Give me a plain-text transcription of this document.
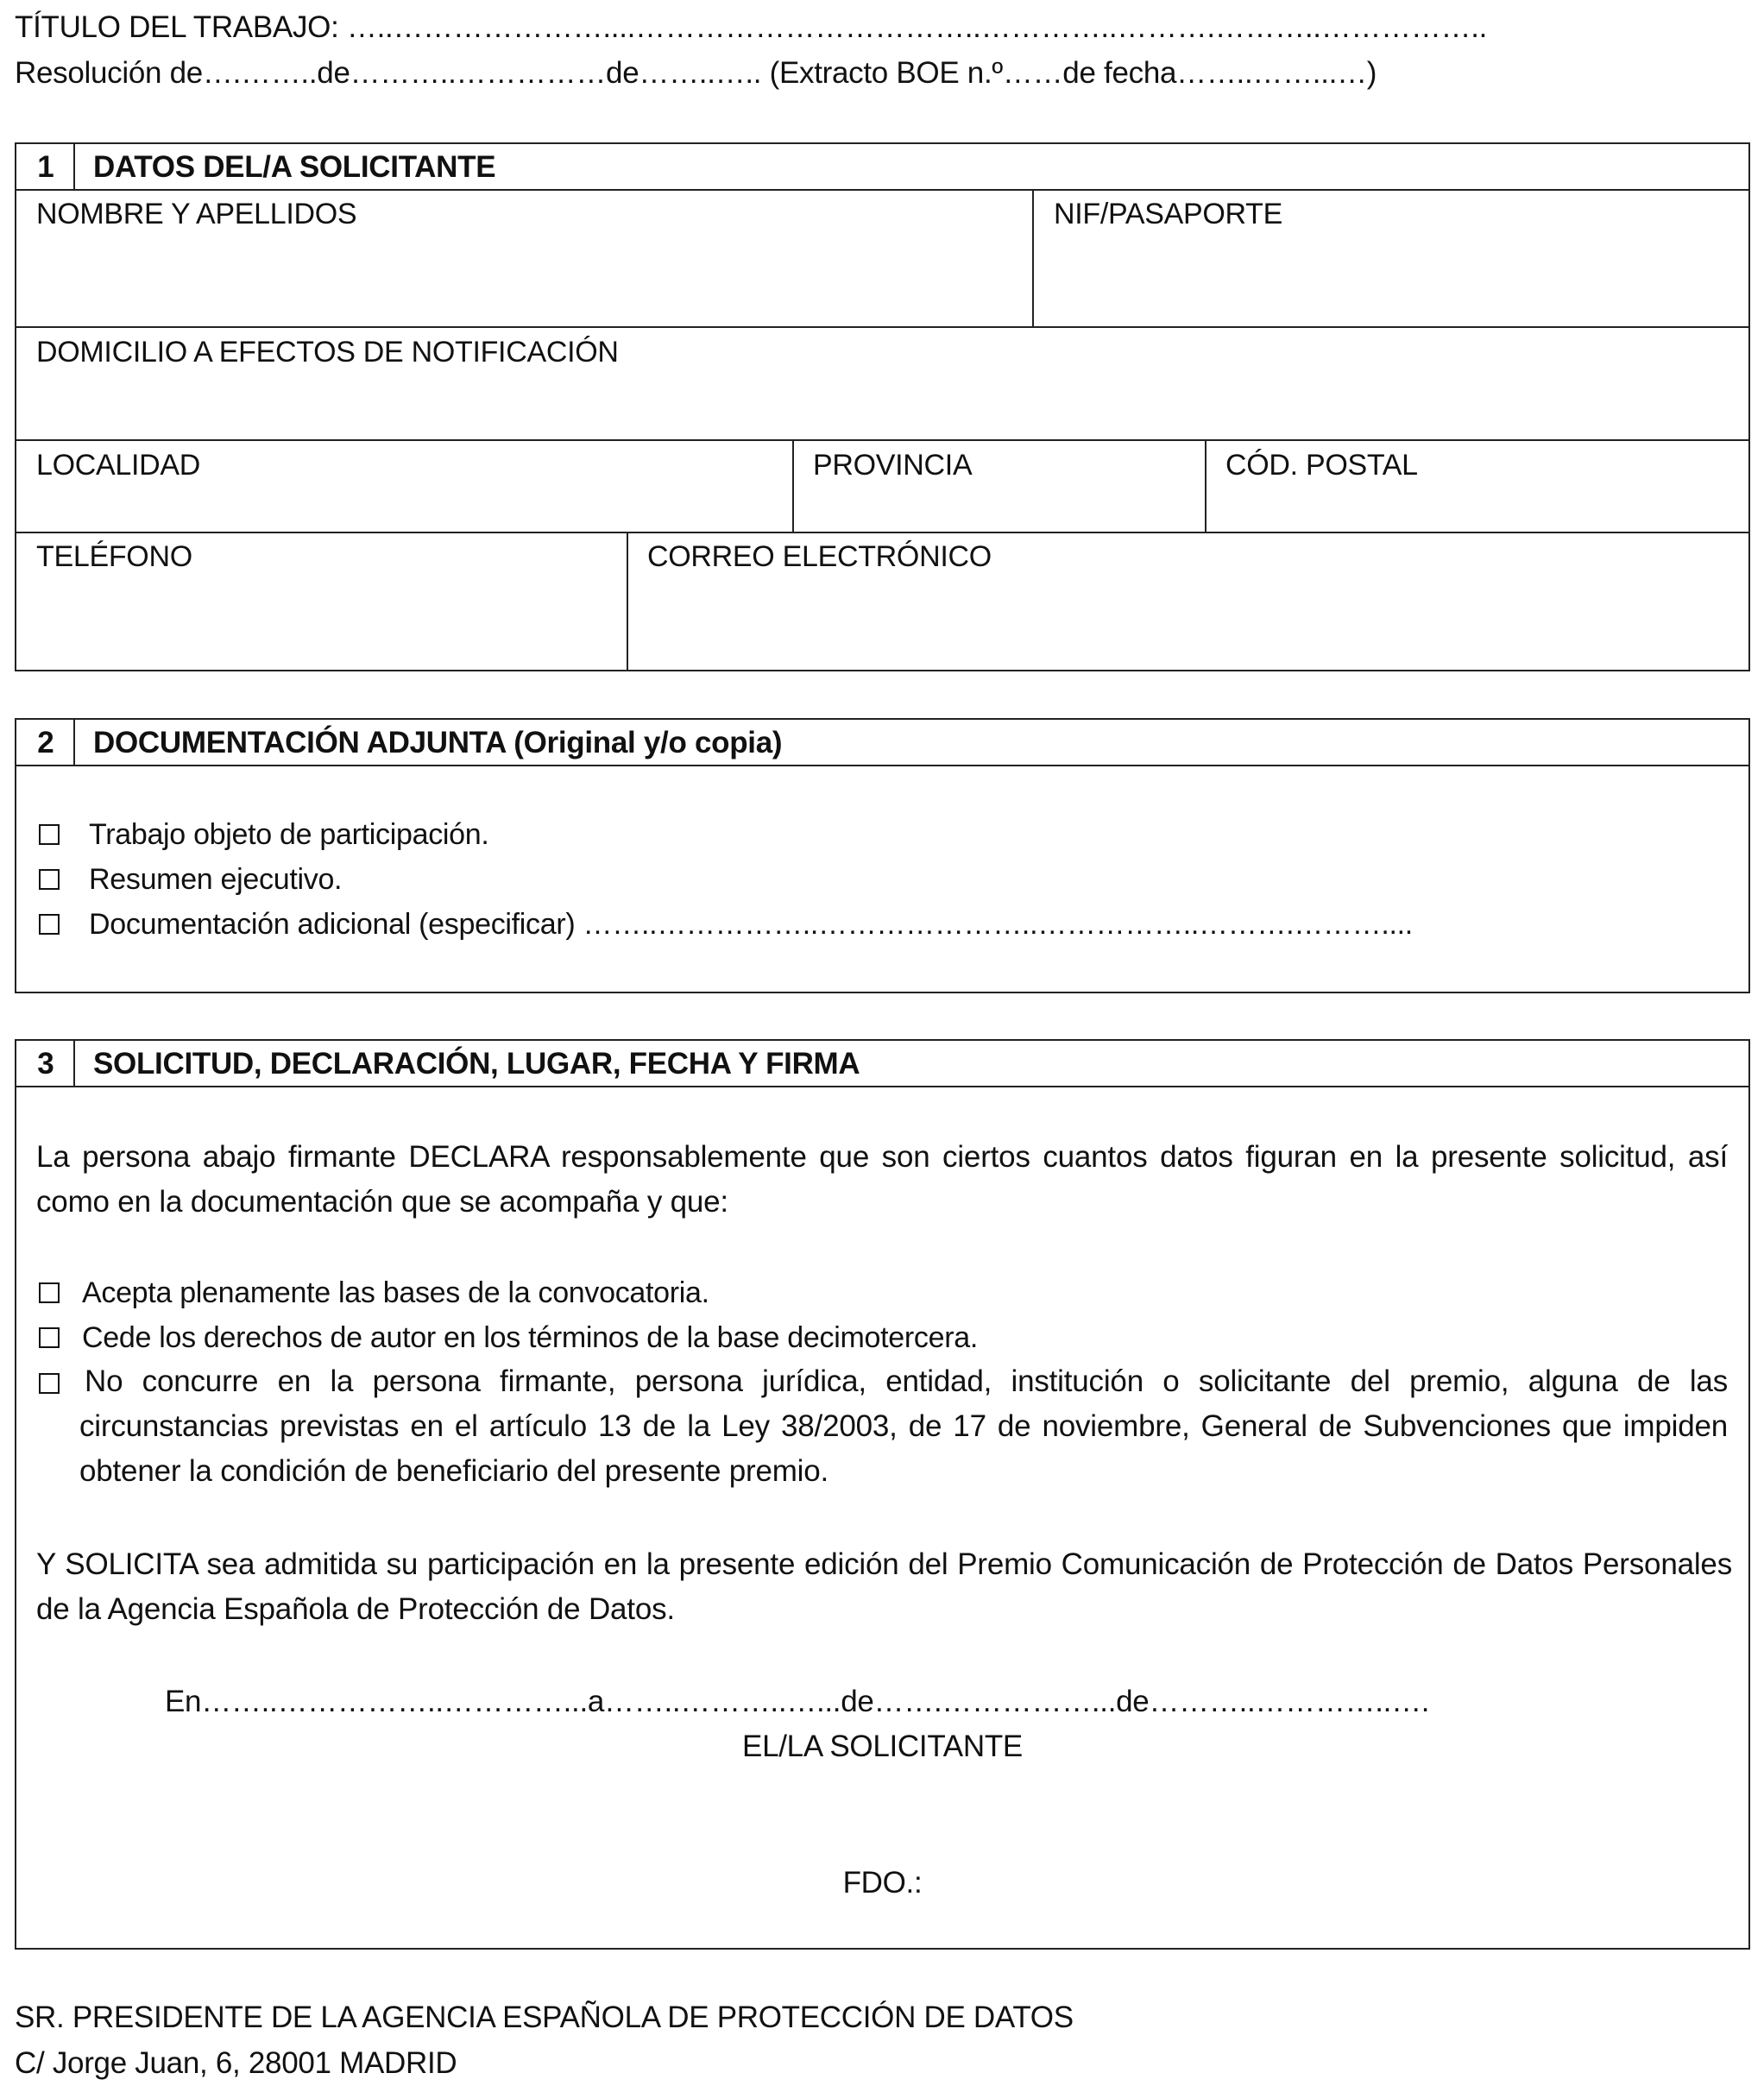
TÍTULO DEL TRABAJO: …..…………………....……………………………..…………..……….………..……………..
Resolución de….……..de………..……………de……..….. (Extracto BOE n.º……de fecha……..……...…)
1	DATOS DEL/A SOLICITANTE
NOMBRE Y APELLIDOS	NIF/PASAPORTE
DOMICILIO A EFECTOS DE NOTIFICACIÓN
LOCALIDAD	PROVINCIA	CÓD. POSTAL
TELÉFONO	CORREO ELECTRÓNICO
2	DOCUMENTACIÓN ADJUNTA (Original y/o copia)
Trabajo objeto de participación.
Resumen ejecutivo.
Documentación adicional (especificar) ……..……………..…………………..……………..……….………....
3	SOLICITUD, DECLARACIÓN, LUGAR, FECHA Y FIRMA
La persona abajo firmante DECLARA responsablemente que son ciertos cuantos datos figuran en la presente solicitud, así como en la documentación que se acompaña y que:
Acepta plenamente las bases de la convocatoria.
Cede los derechos de autor en los términos de la base decimotercera.
No concurre en la persona firmante, persona jurídica, entidad, institución o solicitante del premio, alguna de las circunstancias previstas en el artículo 13 de la Ley 38/2003, de 17 de noviembre, General de Subvenciones que impiden obtener la condición de beneficiario del presente premio.
Y SOLICITA sea admitida su participación en la presente edición del Premio Comunicación de Protección de Datos Personales de la Agencia Española de Protección de Datos.
En……..……………..…………...a……..………..…...de…….……………...de………..…………..….
EL/LA SOLICITANTE
FDO.:
SR. PRESIDENTE DE LA AGENCIA ESPAÑOLA DE PROTECCIÓN DE DATOS
C/ Jorge Juan, 6, 28001 MADRID
